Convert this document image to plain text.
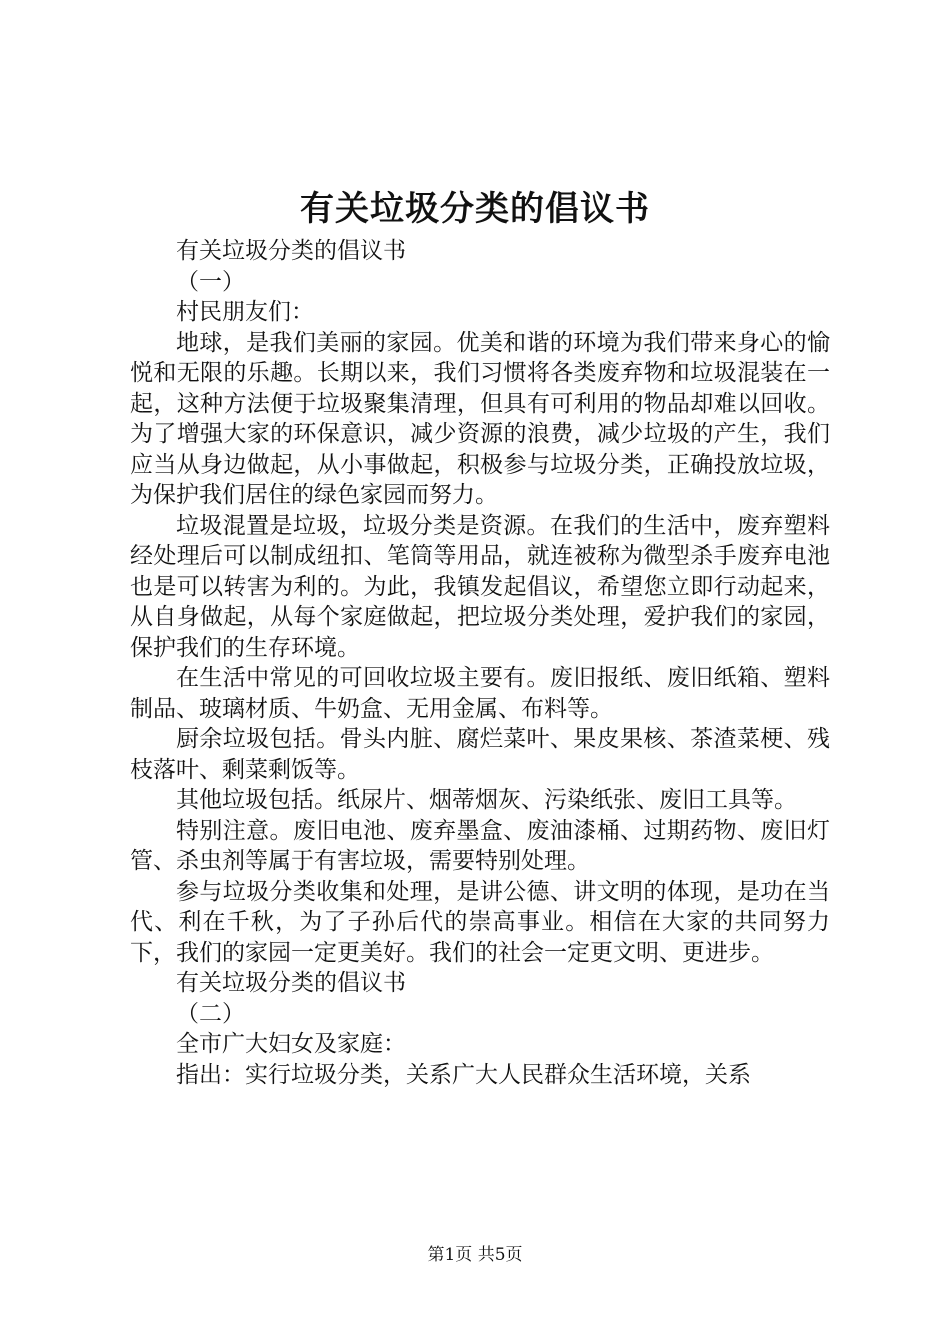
有关垃圾分类的倡议书

有关垃圾分类的倡议书

（一）

村民朋友们：

地球，是我们美丽的家园。优美和谐的环境为我们带来身心的愉悦和无限的乐趣。长期以来，我们习惯将各类废弃物和垃圾混装在一起，这种方法便于垃圾聚集清理，但具有可利用的物品却难以回收。为了增强大家的环保意识，减少资源的浪费，减少垃圾的产生，我们应当从身边做起，从小事做起，积极参与垃圾分类，正确投放垃圾，为保护我们居住的绿色家园而努力。

垃圾混置是垃圾，垃圾分类是资源。在我们的生活中，废弃塑料经处理后可以制成纽扣、笔筒等用品，就连被称为微型杀手废弃电池也是可以转害为利的。为此，我镇发起倡议，希望您立即行动起来，从自身做起，从每个家庭做起，把垃圾分类处理，爱护我们的家园，保护我们的生存环境。

在生活中常见的可回收垃圾主要有。废旧报纸、废旧纸箱、塑料制品、玻璃材质、牛奶盒、无用金属、布料等。

厨余垃圾包括。骨头内脏、腐烂菜叶、果皮果核、茶渣菜梗、残枝落叶、剩菜剩饭等。

其他垃圾包括。纸尿片、烟蒂烟灰、污染纸张、废旧工具等。

特别注意。废旧电池、废弃墨盒、废油漆桶、过期药物、废旧灯管、杀虫剂等属于有害垃圾，需要特别处理。

参与垃圾分类收集和处理，是讲公德、讲文明的体现，是功在当代、利在千秋，为了子孙后代的崇高事业。相信在大家的共同努力下，我们的家园一定更美好。我们的社会一定更文明、更进步。

有关垃圾分类的倡议书

（二）

全市广大妇女及家庭：

指出：实行垃圾分类，关系广大人民群众生活环境，关系

第1页 共5页
